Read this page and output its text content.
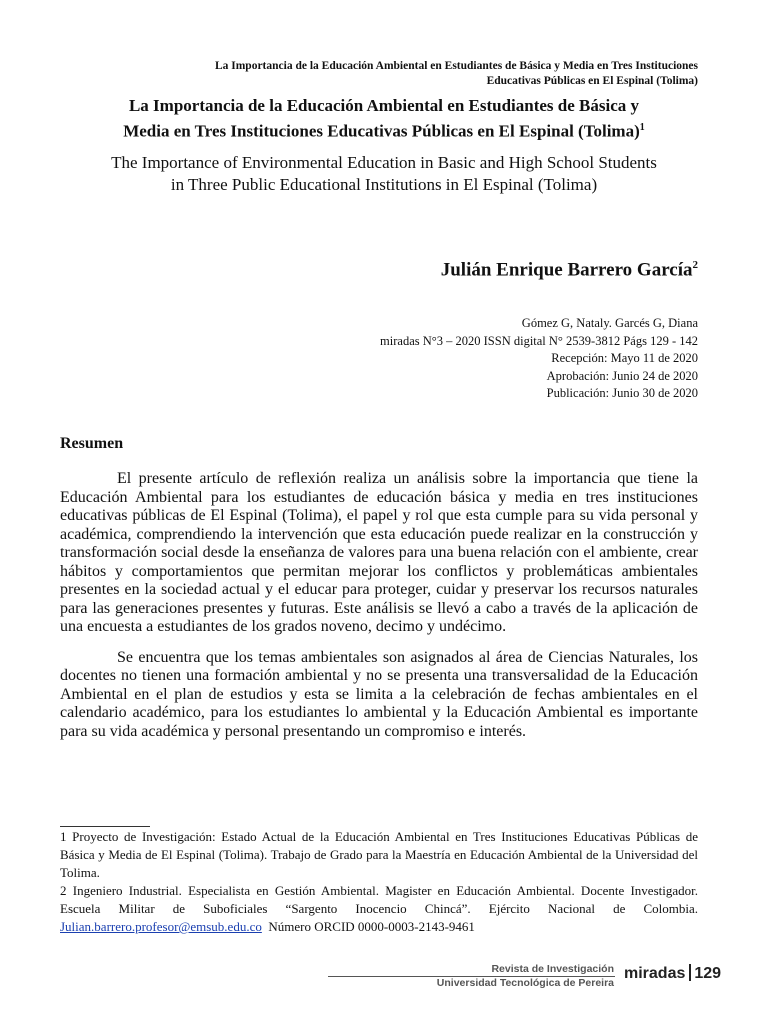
La Importancia de la Educación Ambiental en Estudiantes de Básica y Media en Tres Instituciones
Educativas Públicas en El Espinal (Tolima)
La Importancia de la Educación Ambiental en Estudiantes de Básica y
Media en Tres Instituciones Educativas Públicas en El Espinal $(Tolima)^1$
The Importance of Environmental Education in Basic and High School Students
in Three Public Educational Institutions in El Espinal (Tolima)
Julián Enrique Barrero García$^2$
Gómez G, Nataly. Garcés G, Diana
miradas N°3 – 2020 ISSN digital N° 2539-3812 Págs 129 - 142
Recepción: Mayo 11 de 2020
Aprobación: Junio 24 de 2020
Publicación: Junio 30 de 2020
Resumen

El presente artículo de reflexión realiza un análisis sobre la importancia que tiene la Educación Ambiental para los estudiantes de educación básica y media en tres instituciones educativas públicas de El Espinal (Tolima), el papel y rol que esta cumple para su vida personal y académica, comprendiendo la intervención que esta educación puede realizar en la construcción y transformación social desde la enseñanza de valores para una buena relación con el ambiente, crear hábitos y comportamientos que permitan mejorar los conflictos y problemáticas ambientales presentes en la sociedad actual y el educar para proteger, cuidar y preservar los recursos naturales para las generaciones presentes y futuras. Este análisis se llevó a cabo a través de la aplicación de una encuesta a estudiantes de los grados noveno, decimo y undécimo.

Se encuentra que los temas ambientales son asignados al área de Ciencias Naturales, los docentes no tienen una formación ambiental y no se presenta una transversalidad de la Educación Ambiental en el plan de estudios y esta se limita a la celebración de fechas ambientales en el calendario académico, para los estudiantes lo ambiental y la Educación Ambiental es importante para su vida académica y personal presentando un compromiso e interés.

1 Proyecto de Investigación: Estado Actual de la Educación Ambiental en Tres Instituciones Educativas Públicas de Básica y Media de El Espinal (Tolima). Trabajo de Grado para la Maestría en Educación Ambiental de la Universidad del Tolima.

2 Ingeniero Industrial. Especialista en Gestión Ambiental. Magister en Educación Ambiental. Docente Investigador. Escuela Militar de Suboficiales “Sargento Inocencio Chincá”. Ejército Nacional de Colombia. Julian.barrero.profesor@emsub.edu.co Número ORCID 0000-0003-2143-9461

Revista de Investigación
Universidad Tecnológica de Pereira
miradas 129
